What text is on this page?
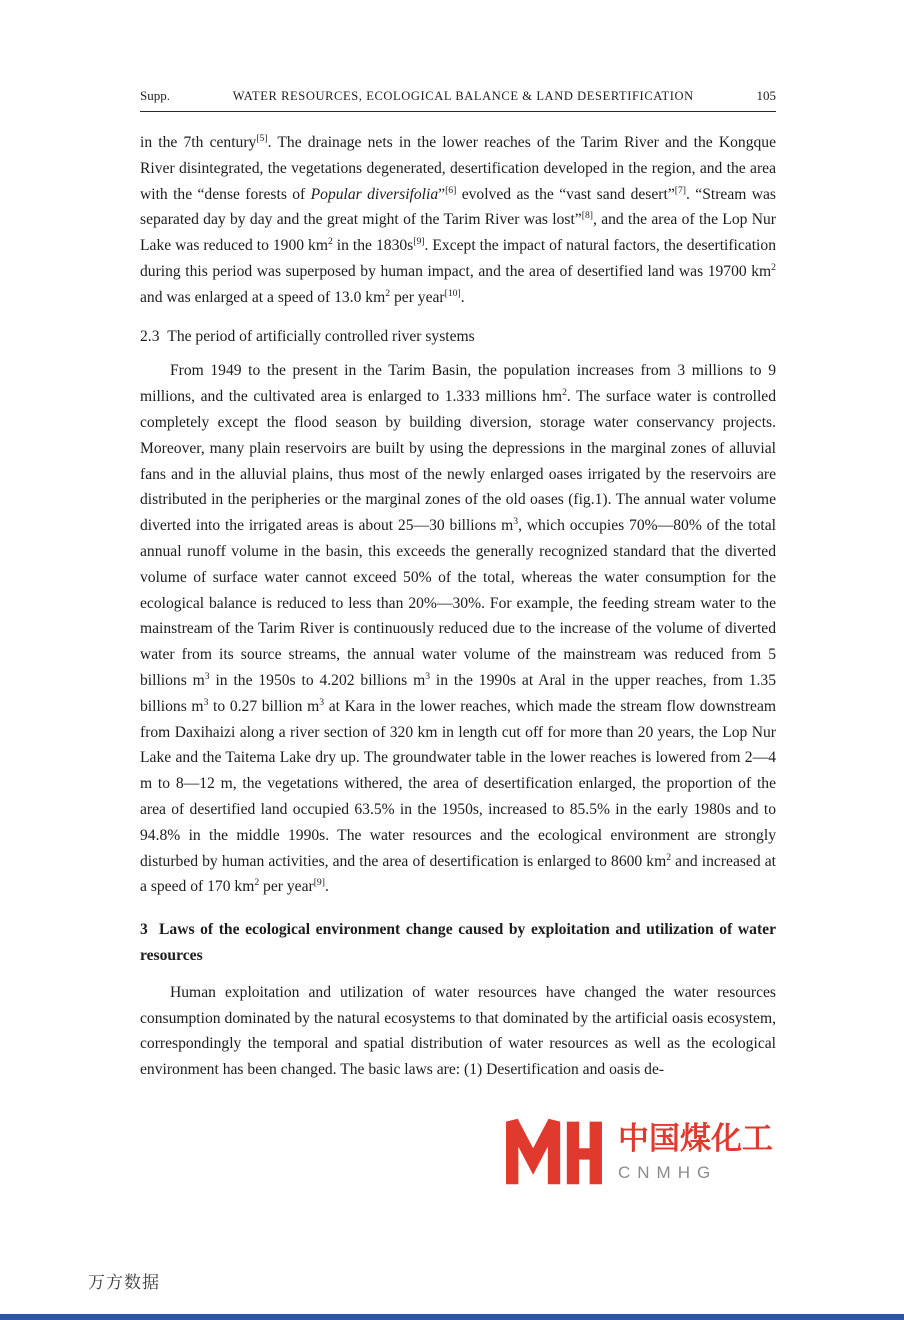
Supp.	WATER RESOURCES, ECOLOGICAL BALANCE & LAND DESERTIFICATION	105

in the 7th century[5]. The drainage nets in the lower reaches of the Tarim River and the Kongque River disintegrated, the vegetations degenerated, desertification developed in the region, and the area with the “dense forests of Popular diversifolia”[6] evolved as the “vast sand desert”[7]. “Stream was separated day by day and the great might of the Tarim River was lost”[8], and the area of the Lop Nur Lake was reduced to 1900 $km^2$ in the 1830s[9]. Except the impact of natural factors, the desertification during this period was superposed by human impact, and the area of desertified land was 19700 $km^2$ and was enlarged at a speed of 13.0 $km^2$ per year[10].

2.3  The period of artificially controlled river systems

From 1949 to the present in the Tarim Basin, the population increases from 3 millions to 9 millions, and the cultivated area is enlarged to 1.333 millions $hm^2$. The surface water is controlled completely except the flood season by building diversion, storage water conservancy projects. Moreover, many plain reservoirs are built by using the depressions in the marginal zones of alluvial fans and in the alluvial plains, thus most of the newly enlarged oases irrigated by the reservoirs are distributed in the peripheries or the marginal zones of the old oases (fig.1). The annual water volume diverted into the irrigated areas is about 25—30 billions $m^3$, which occupies 70%—80% of the total annual runoff volume in the basin, this exceeds the generally recognized standard that the diverted volume of surface water cannot exceed 50% of the total, whereas the water consumption for the ecological balance is reduced to less than 20%—30%. For example, the feeding stream water to the mainstream of the Tarim River is continuously reduced due to the increase of the volume of diverted water from its source streams, the annual water volume of the mainstream was reduced from 5 billions $m^3$ in the 1950s to 4.202 billions $m^3$ in the 1990s at Aral in the upper reaches, from 1.35 billions $m^3$ to 0.27 billion $m^3$ at Kara in the lower reaches, which made the stream flow downstream from Daxihaizi along a river section of 320 km in length cut off for more than 20 years, the Lop Nur Lake and the Taitema Lake dry up. The groundwater table in the lower reaches is lowered from 2—4 m to 8—12 m, the vegetations withered, the area of desertification enlarged, the proportion of the area of desertified land occupied 63.5% in the 1950s, increased to 85.5% in the early 1980s and to 94.8% in the middle 1990s. The water resources and the ecological environment are strongly disturbed by human activities, and the area of desertification is enlarged to 8600 $km^2$ and increased at a speed of 170 $km^2$ per year[9].

3  Laws of the ecological environment change caused by exploitation and utilization of water resources

Human exploitation and utilization of water resources have changed the water resources consumption dominated by the natural ecosystems to that dominated by the artificial oasis ecosystem, correspondingly the temporal and spatial distribution of water resources as well as the ecological environment has been changed. The basic laws are: (1) Desertification and oasis de-

中国煤化工
CNMHG
万方数据
